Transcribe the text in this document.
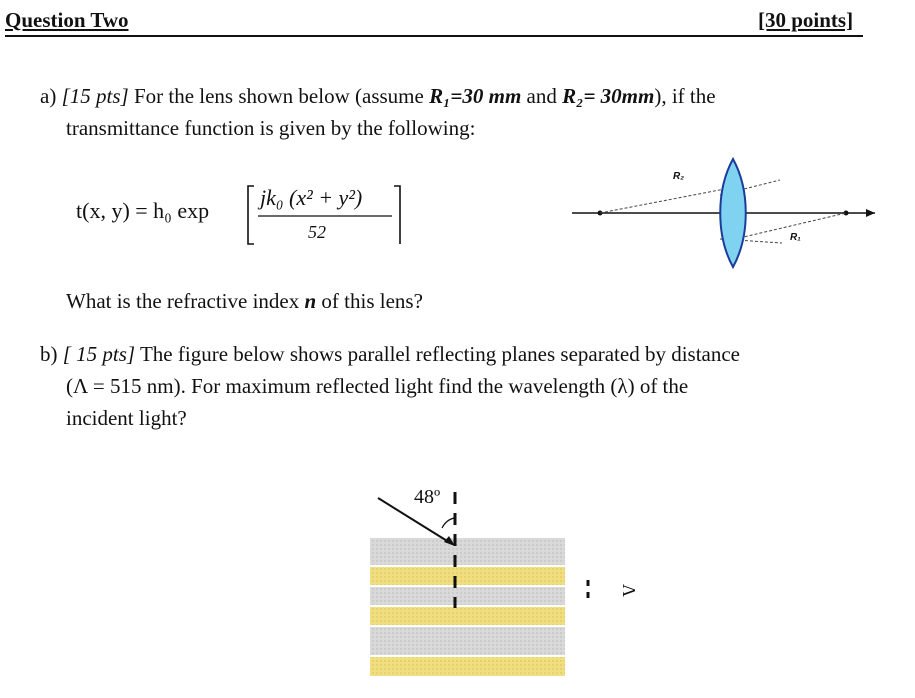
Question Two	[30 points]
a) [15 pts] For the lens shown below (assume R₁=30 mm and R₂= 30mm), if the
transmittance function is given by the following:
t(x, y) = h₀ exp
jk₀ (x² + y²)
52
R₂
R₁
What is the refractive index n of this lens?
b) [ 15 pts] The figure below shows parallel reflecting planes separated by distance
(Λ = 515 nm). For maximum reflected light find the wavelength (λ) of the
incident light?
48º
Λ
